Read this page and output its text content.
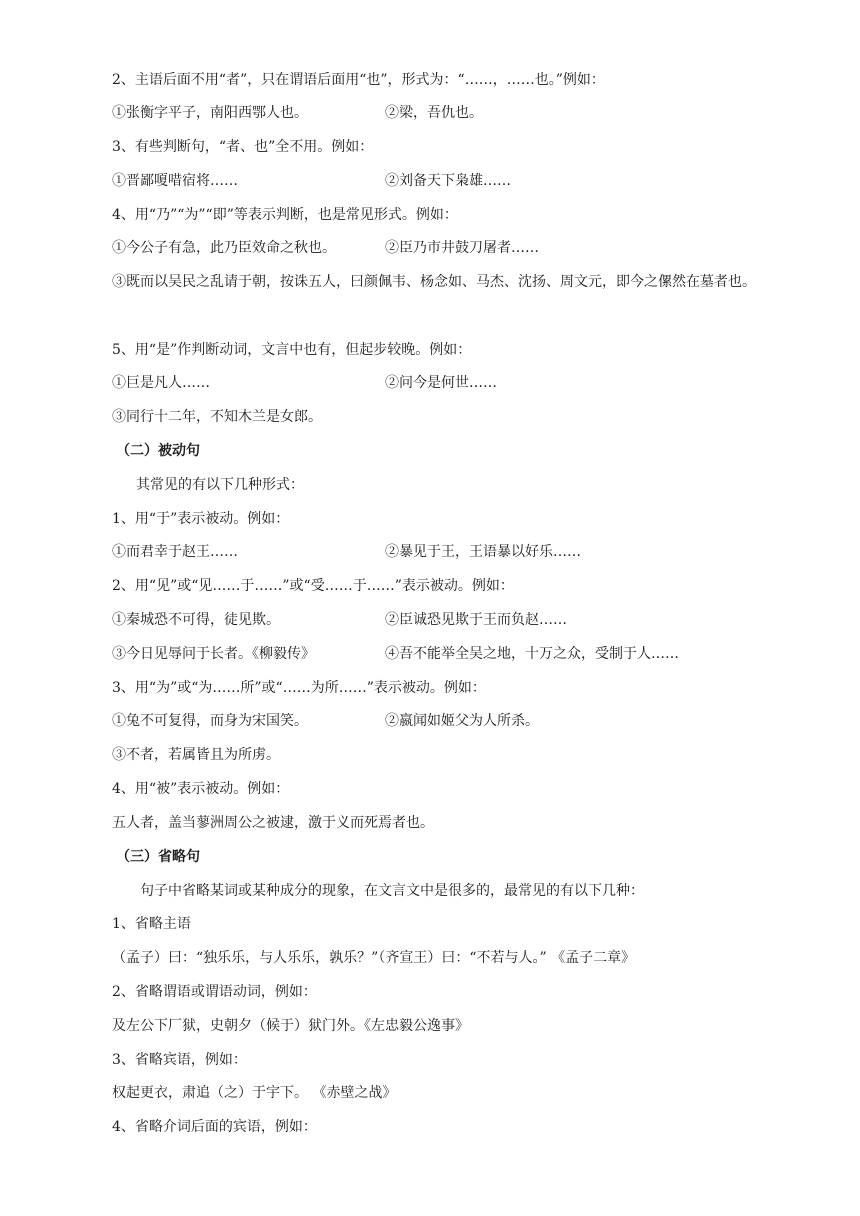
2、主语后面不用“者”，只在谓语后面用“也”，形式为：“……，……也。”例如：
①张衡字平子，南阳西鄂人也。	②梁，吾仇也。
3、有些判断句，“者、也”全不用。例如：
①晋鄙嗄唶宿将……	②刘备天下枭雄……
4、用“乃”“为”“即”等表示判断，也是常见形式。例如：
①今公子有急，此乃臣效命之秋也。	②臣乃市井鼓刀屠者……
③既而以吴民之乱请于朝，按诛五人，曰颜佩韦、杨念如、马杰、沈扬、周文元，即今之傫然在墓者也。
5、用“是”作判断动词，文言中也有，但起步较晚。例如：
①巨是凡人……	②问今是何世……
③同行十二年，不知木兰是女郎。
（二）被动句
其常见的有以下几种形式：
1、用“于”表示被动。例如：
①而君幸于赵王……	②暴见于王，王语暴以好乐……
2、用“见”或“见……于……”或“受……于……”表示被动。例如：
①秦城恐不可得，徒见欺。	②臣诚恐见欺于王而负赵……
③今日见辱问于长者。《柳毅传》	④吾不能举全吴之地，十万之众，受制于人……
3、用“为”或“为……所”或“……为所……”表示被动。例如：
①兔不可复得，而身为宋国笑。	②嬴闻如姬父为人所杀。
③不者，若属皆且为所虏。
4、用“被”表示被动。例如：
五人者，盖当蓼洲周公之被逮，激于义而死焉者也。
（三）省略句
句子中省略某词或某种成分的现象，在文言文中是很多的，最常见的有以下几种：
1、省略主语
（孟子）曰：“独乐乐，与人乐乐，孰乐？”（齐宣王）曰：“不若与人。” 《孟子二章》
2、省略谓语或谓语动词，例如：
及左公下厂狱，史朝夕（候于）狱门外。《左忠毅公逸事》
3、省略宾语，例如：
权起更衣，肃追（之）于宇下。 《赤壁之战》
4、省略介词后面的宾语，例如：
